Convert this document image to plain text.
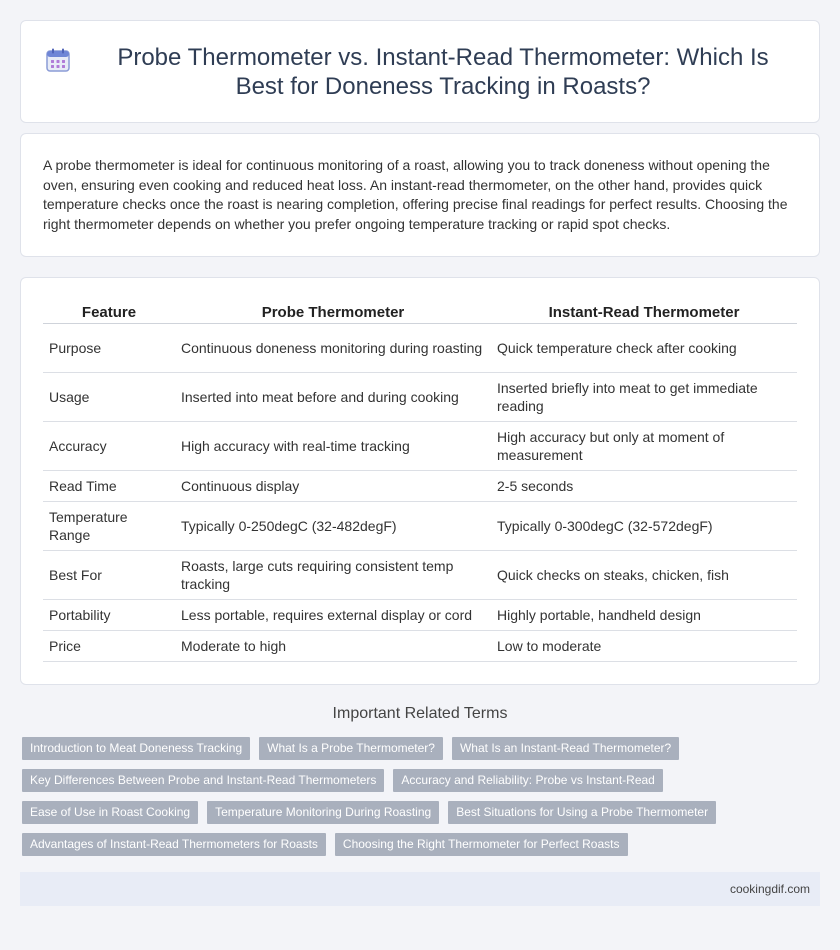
Probe Thermometer vs. Instant-Read Thermometer: Which Is Best for Doneness Tracking in Roasts?

A probe thermometer is ideal for continuous monitoring of a roast, allowing you to track doneness without opening the oven, ensuring even cooking and reduced heat loss. An instant-read thermometer, on the other hand, provides quick temperature checks once the roast is nearing completion, offering precise final readings for perfect results. Choosing the right thermometer depends on whether you prefer ongoing temperature tracking or rapid spot checks.

Feature	Probe Thermometer	Instant-Read Thermometer
Purpose	Continuous doneness monitoring during roasting	Quick temperature check after cooking
Usage	Inserted into meat before and during cooking	Inserted briefly into meat to get immediate reading
Accuracy	High accuracy with real-time tracking	High accuracy but only at moment of measurement
Read Time	Continuous display	2-5 seconds
Temperature Range	Typically 0-250degC (32-482degF)	Typically 0-300degC (32-572degF)
Best For	Roasts, large cuts requiring consistent temp tracking	Quick checks on steaks, chicken, fish
Portability	Less portable, requires external display or cord	Highly portable, handheld design
Price	Moderate to high	Low to moderate
Important Related Terms
Introduction to Meat Doneness Tracking	What Is a Probe Thermometer?	What Is an Instant-Read Thermometer?
Key Differences Between Probe and Instant-Read Thermometers	Accuracy and Reliability: Probe vs Instant-Read
Ease of Use in Roast Cooking	Temperature Monitoring During Roasting	Best Situations for Using a Probe Thermometer
Advantages of Instant-Read Thermometers for Roasts	Choosing the Right Thermometer for Perfect Roasts
cookingdif.com
